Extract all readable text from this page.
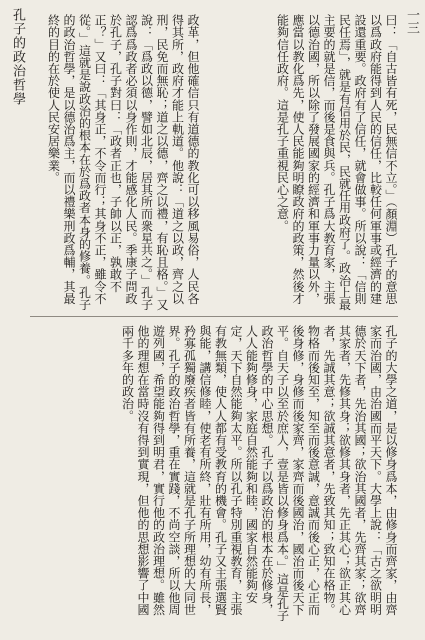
孔子的政治哲學	一三
曰：「自古皆有死，民無信不立。」（顏淵）孔子的意思以爲政府能得到人民的信任，比較任何軍事或經濟的建設還重要。政府有了信任，就會做事。所以說：「信則民任焉」，就是有信用於民，民就任用政府了。政治上最主要的就是信，而後是食與兵。孔子爲大教育家，主張以德治國，所以除了發展國家的經濟和軍事力量以外，應當以教化爲先，使人民能夠明瞭政府的政策，然後才能夠信任政府。這是孔子重視民心之意。
政革，但他確信只有道德的教化可以移風易俗，人民各得其所，政府才能上軌道。他說：「道之以政，齊之以刑，民免而無恥；道之以德，齊之以禮，有恥且格。」又說：「爲政以德，譬如北辰，居其所而衆星共之。」孔子認爲爲政者必須以身作則，才能感化人民。季康子問政於孔子，孔子對曰：「政者正也，子帥以正，孰敢不正？」又曰：「其身正，不令而行；其身不正，雖令不從。」這就是說政治的根本在於爲政者本身的修養。孔子的政治哲學，是以德治爲主，而以禮樂刑政爲輔，其最終的目的在於使人民安居樂業。
孔子的大學之道，是以修身爲本，由修身而齊家，由齊家而治國，由治國而平天下。大學上說：「古之欲明明德於天下者，先治其國；欲治其國者，先齊其家；欲齊其家者，先修其身；欲修其身者，先正其心；欲正其心者，先誠其意；欲誠其意者，先致其知；致知在格物。物格而後知至，知至而後意誠，意誠而後心正，心正而後身修，身修而後家齊，家齊而後國治，國治而後天下平。自天子以至於庶人，壹是皆以修身爲本。」這是孔子政治哲學的中心思想。孔子以爲政治的根本在於修身，人人能夠修身，家庭自然能夠和睦，國家自然能夠安定，天下自然能夠太平。所以孔子特別重視教育，主張有教無類，使人人都有受教育的機會。孔子又主張選賢與能，講信修睦，使老有所終，壯有所用，幼有所長，矜寡孤獨廢疾者皆有所養，這就是孔子所理想的大同世界。孔子的政治哲學，重在實踐，不尚空談，所以他周遊列國，希望能夠得到明君，實行他的政治理想。雖然他的理想在當時沒有得到實現，但他的思想影響了中國兩千多年的政治。
